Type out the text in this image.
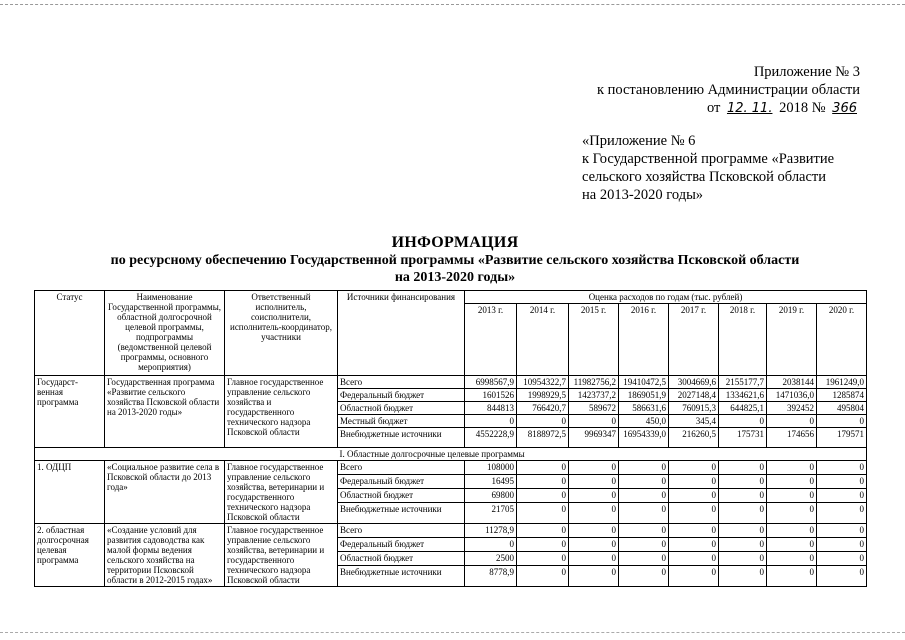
Приложение № 3
к постановлению Администрации области
от 12. 11. 2018 № 366
«Приложение № 6
к Государственной программе «Развитие
сельского хозяйства Псковской области
на 2013-2020 годы»
ИНФОРМАЦИЯ
по ресурсному обеспечению Государственной программы «Развитие сельского хозяйства Псковской области
на 2013-2020 годы»
Статус	Наименование Государственной программы, областной долгосрочной целевой программы, подпрограммы (ведомственной целевой программы, основного мероприятия)	Ответственный исполнитель, соисполнители, исполнитель-координатор, участники	Источники финансирования	Оценка расходов по годам (тыс. рублей)							
				2013 г.	2014 г.	2015 г.	2016 г.	2017 г.	2018 г.	2019 г.	2020 г.
Государст-венная программа	Государственная программа «Развитие сельского хозяйства Псковской области на 2013-2020 годы»	Главное государственное управление сельского хозяйства и государственного технического надзора Псковской области	Всего	6998567,9	10954322,7	11982756,2	19410472,5	3004669,6	2155177,7	2038144	1961249,0
			Федеральный бюджет	1601526	1998929,5	1423737,2	1869051,9	2027148,4	1334621,6	1471036,0	1285874
			Областной бюджет	844813	766420,7	589672	586631,6	760915,3	644825,1	392452	495804
			Местный бюджет	0	0	0	450,0	345,4	0	0	0
			Внебюджетные источники	4552228,9	8188972,5	9969347	16954339,0	216260,5	175731	174656	179571
			I. Областные долгосрочные целевые программы								
1. ОДЦП	«Социальное развитие села в Псковской области до 2013 года»	Главное государственное управление сельского хозяйства, ветеринарии и государственного технического надзора Псковской области	Всего	108000	0	0	0	0	0	0	0
			Федеральный бюджет	16495	0	0	0	0	0	0	0
			Областной бюджет	69800	0	0	0	0	0	0	0
			Внебюджетные источники	21705	0	0	0	0	0	0	0
2. областная долгосрочная целевая программа	«Создание условий для развития садоводства как малой формы ведения сельского хозяйства на территории Псковской области в 2012-2015 годах»	Главное государственное управление сельского хозяйства, ветеринарии и государственного технического надзора Псковской области	Всего	11278,9	0	0	0	0	0	0	0
			Федеральный бюджет	0	0	0	0	0	0	0	0
			Областной бюджет	2500	0	0	0	0	0	0	0
			Внебюджетные источники	8778,9	0	0	0	0	0	0	0
